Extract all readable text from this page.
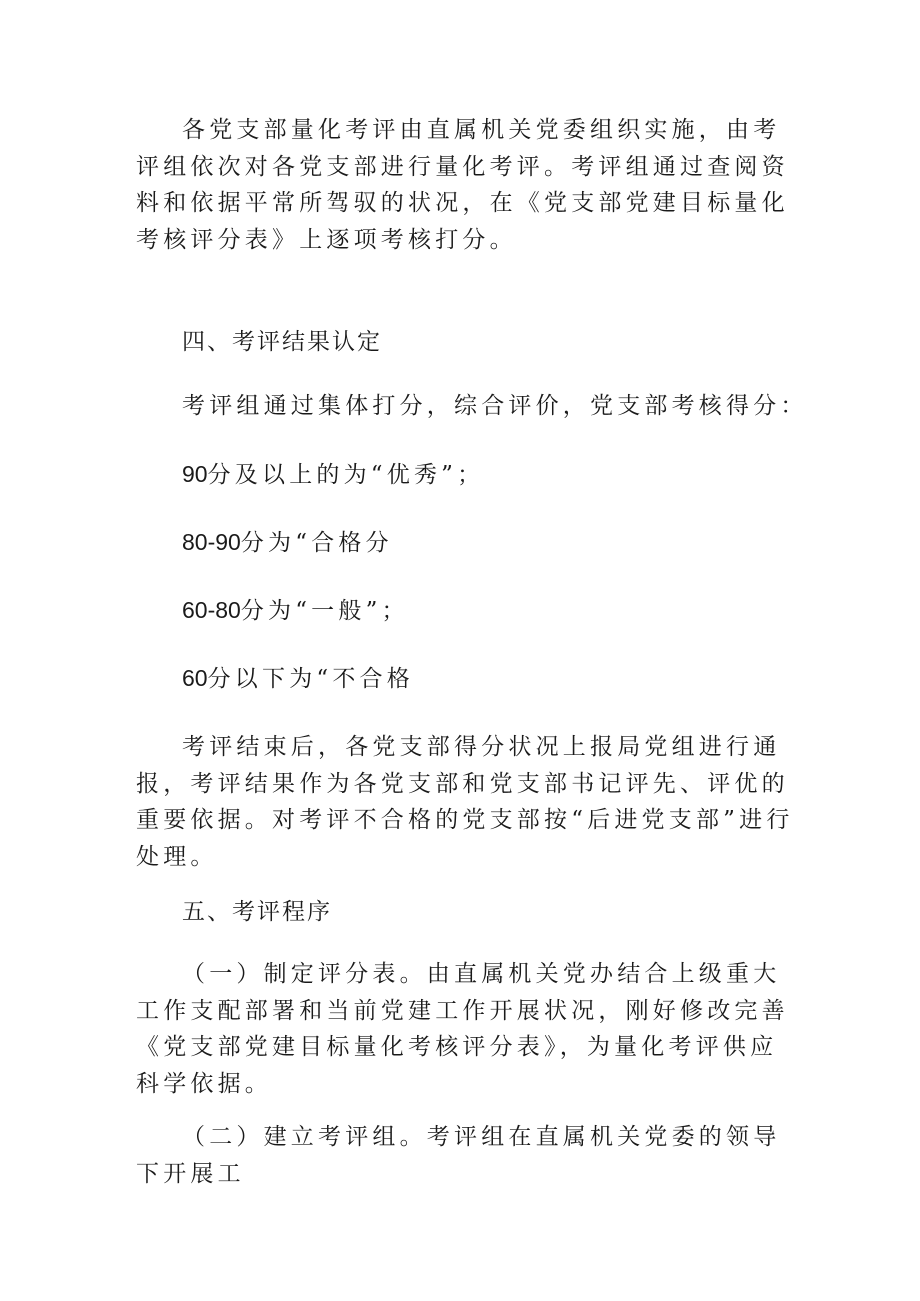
各党支部量化考评由直属机关党委组织实施，由考评组依次对各党支部进行量化考评。考评组通过查阅资料和依据平常所驾驭的状况，在《党支部党建目标量化考核评分表》上逐项考核打分。

四、考评结果认定

考评组通过集体打分，综合评价，党支部考核得分：

90分及以上的为“优秀”；

80-90分为“合格分

60-80分为“一般”；

60分以下为“不合格

考评结束后，各党支部得分状况上报局党组进行通报，考评结果作为各党支部和党支部书记评先、评优的重要依据。对考评不合格的党支部按“后进党支部”进行处理。

五、考评程序

（一）制定评分表。由直属机关党办结合上级重大工作支配部署和当前党建工作开展状况，刚好修改完善《党支部党建目标量化考核评分表》，为量化考评供应科学依据。

（二）建立考评组。考评组在直属机关党委的领导下开展工
